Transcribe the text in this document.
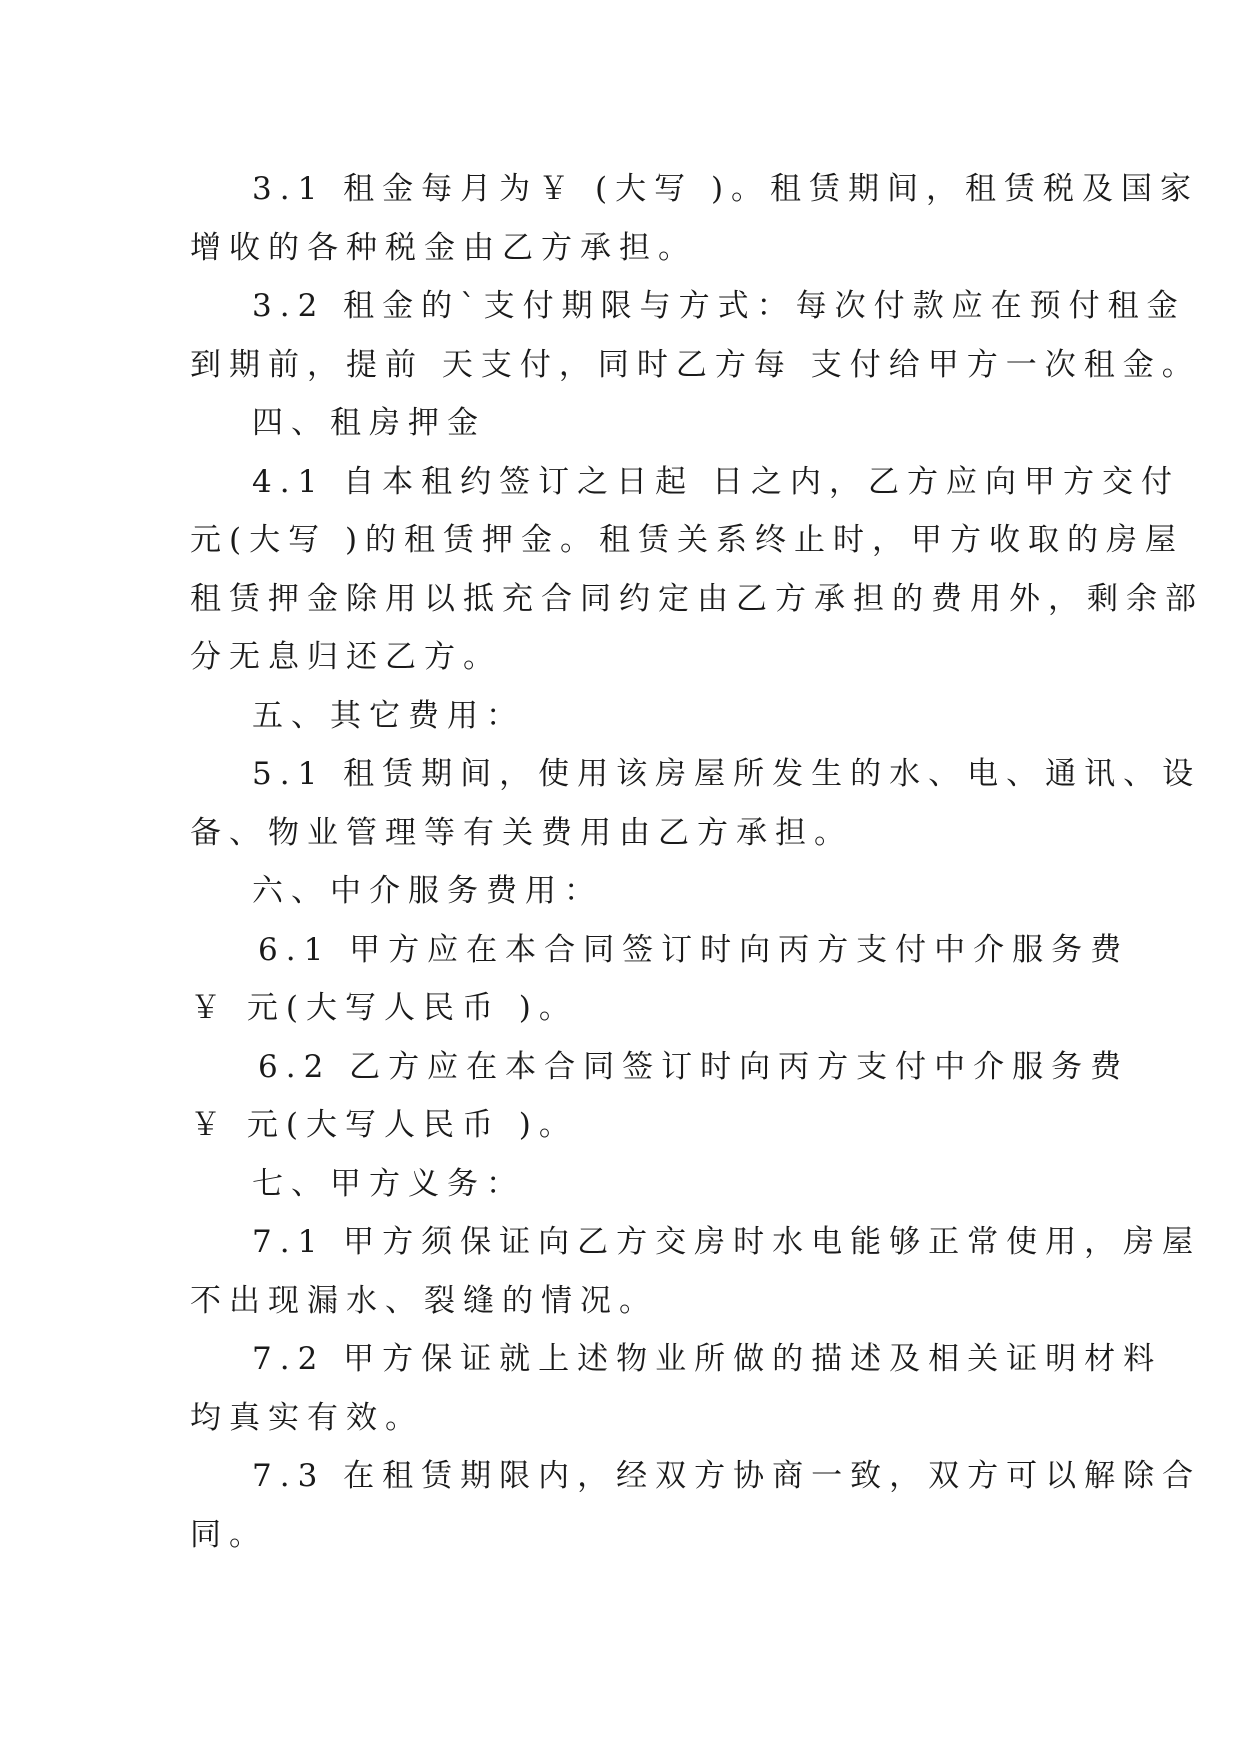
3.1 租金每月为￥ (大写 )。租赁期间，租赁税及国家
增收的各种税金由乙方承担。
3.2 租金的`支付期限与方式：每次付款应在预付租金
到期前，提前 天支付，同时乙方每 支付给甲方一次租金。
四、租房押金
4.1 自本租约签订之日起 日之内，乙方应向甲方交付
元(大写 )的租赁押金。租赁关系终止时，甲方收取的房屋
租赁押金除用以抵充合同约定由乙方承担的费用外，剩余部
分无息归还乙方。
五、其它费用：
5.1 租赁期间，使用该房屋所发生的水、电、通讯、设
备、物业管理等有关费用由乙方承担。
六、中介服务费用：
6.1 甲方应在本合同签订时向丙方支付中介服务费
￥ 元(大写人民币 )。
6.2 乙方应在本合同签订时向丙方支付中介服务费
￥ 元(大写人民币 )。
七、甲方义务：
7.1 甲方须保证向乙方交房时水电能够正常使用，房屋
不出现漏水、裂缝的情况。
7.2 甲方保证就上述物业所做的描述及相关证明材料
均真实有效。
7.3 在租赁期限内，经双方协商一致，双方可以解除合
同。
